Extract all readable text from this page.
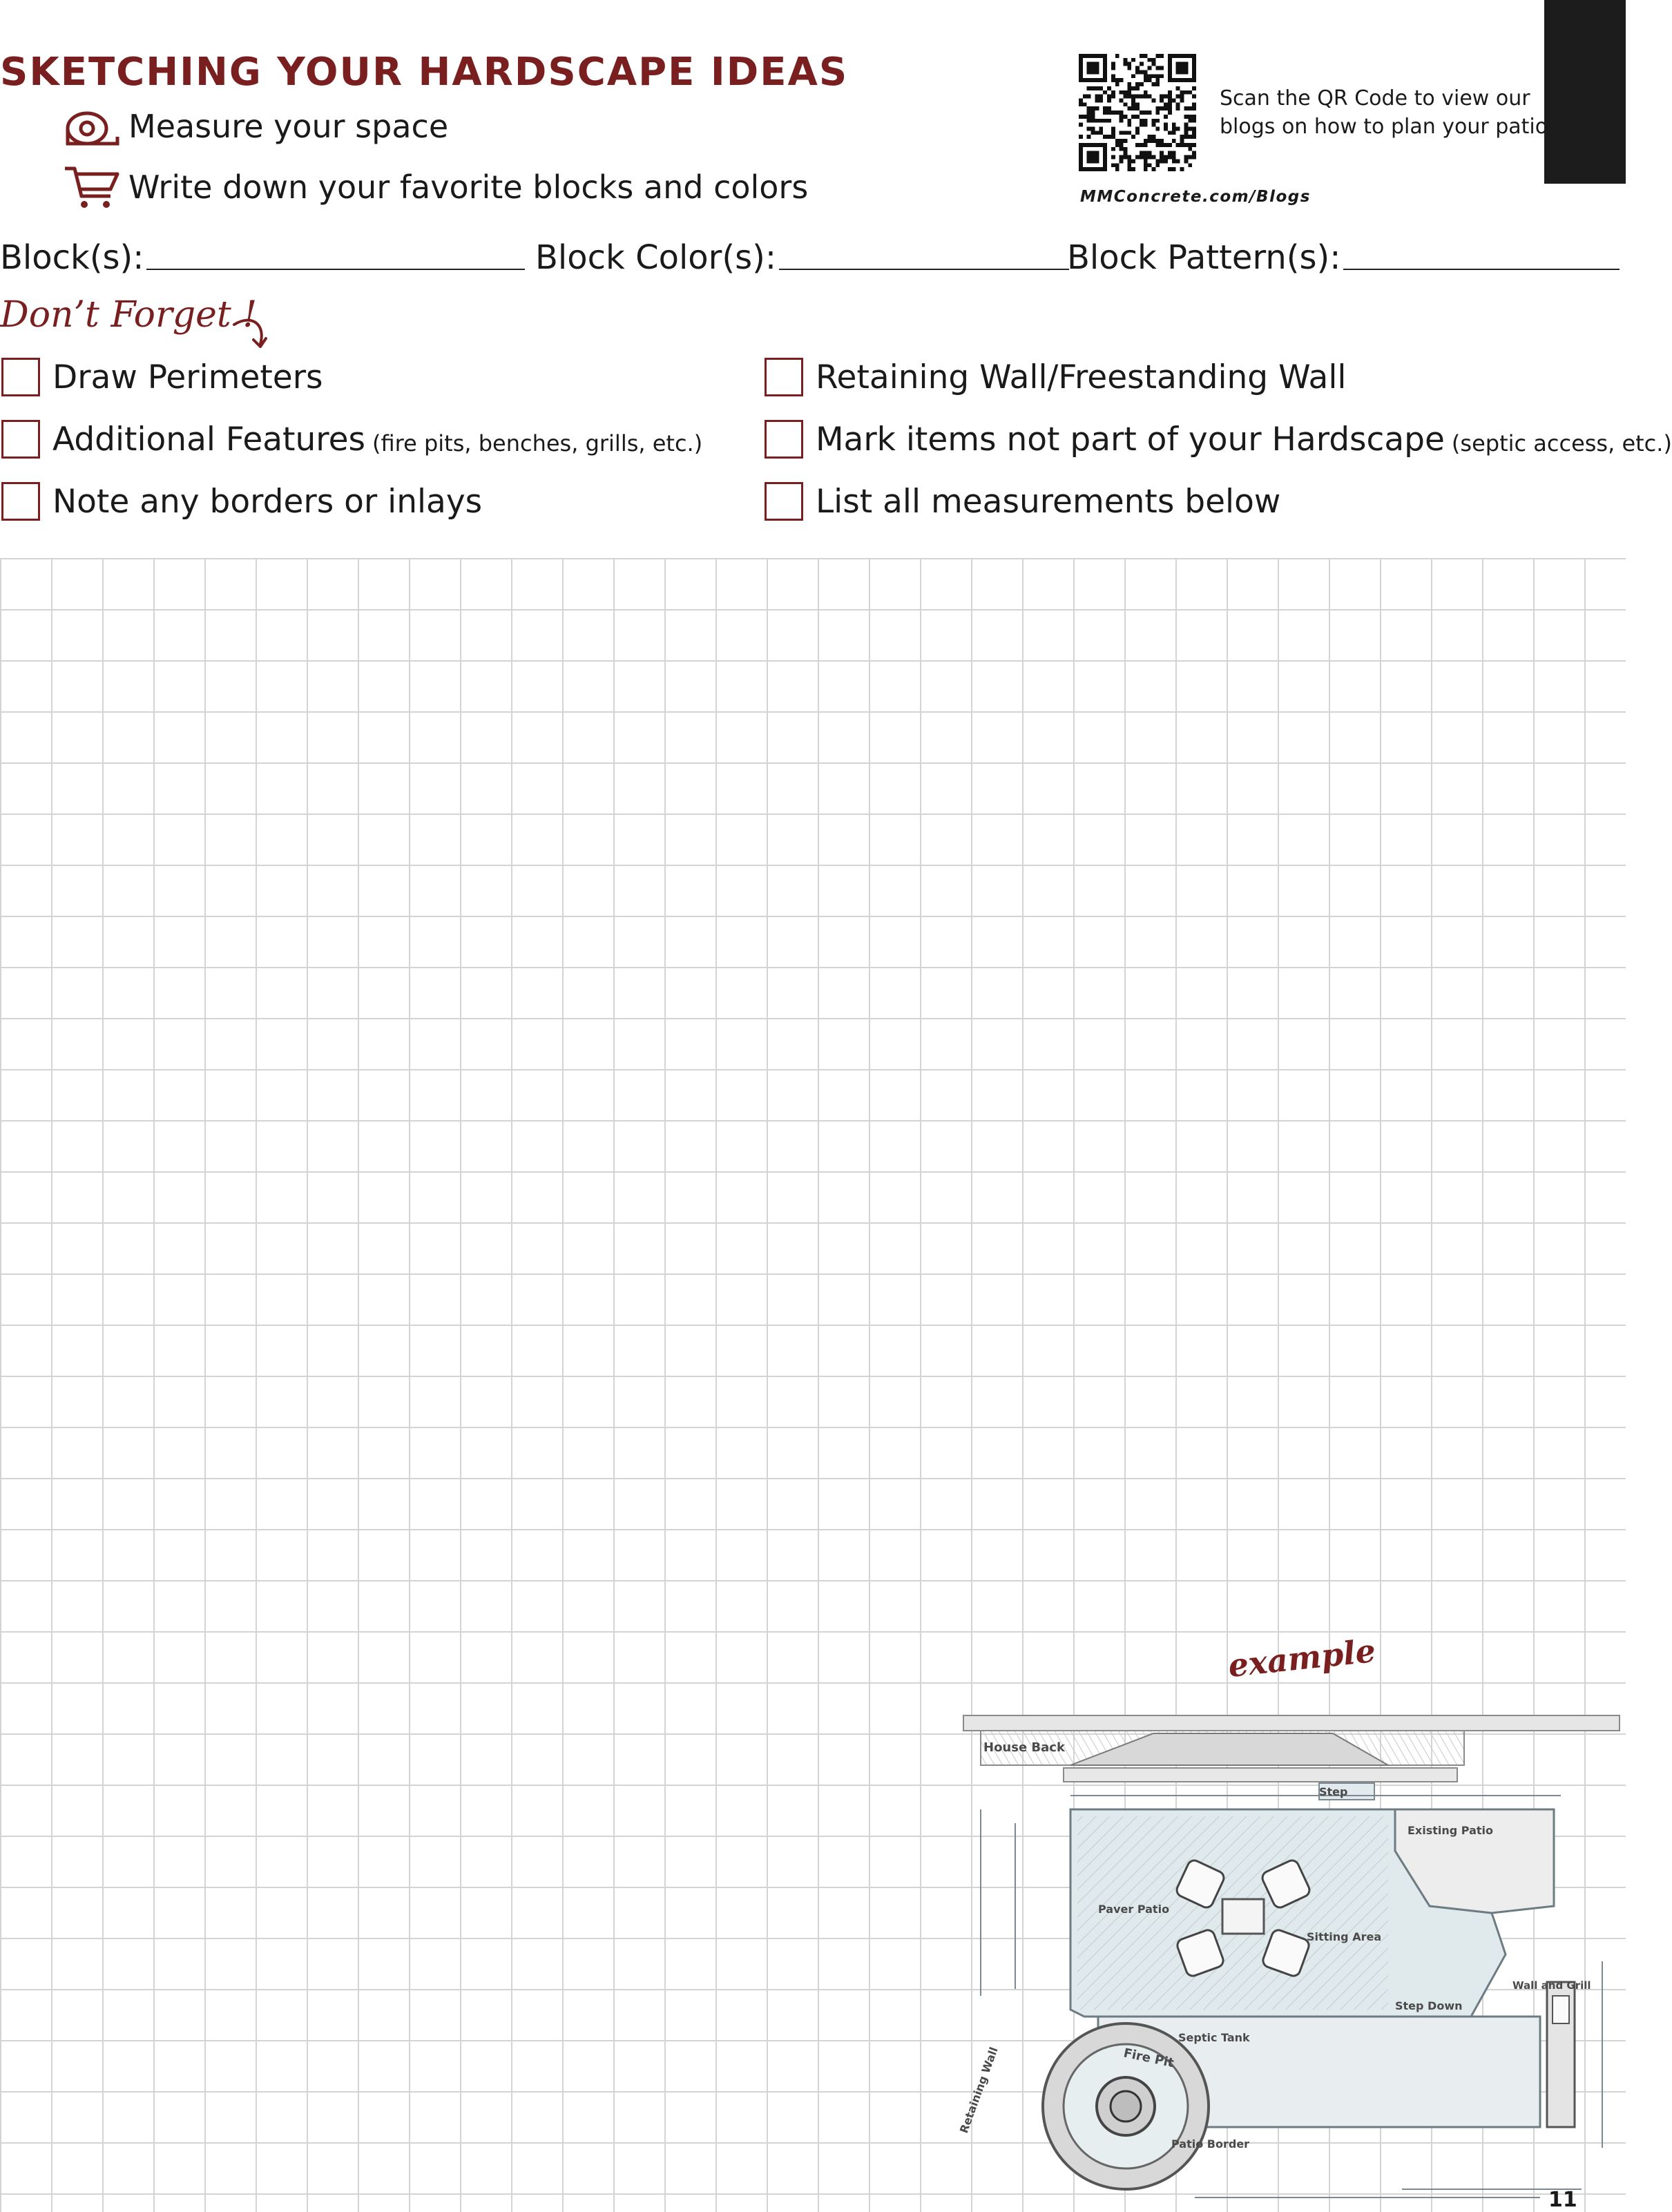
SKETCHING YOUR HARDSCAPE IDEAS
Measure your space
Write down your favorite blocks and colors
Scan the QR Code to view our blogs on how to plan your patio
MMConcrete.com/Blogs
Block(s):	Block Color(s):	Block Pattern(s):
Don’t Forget !
Draw Perimeters
Additional Features (fire pits, benches, grills, etc.)
Note any borders or inlays
Retaining Wall/Freestanding Wall
Mark items not part of your Hardscape (septic access, etc.)
List all measurements below
example
House Back
Step
Existing Patio
Paver Patio
Sitting Area
Step Down
Wall and Grill
Septic Tank
Fire Pit
Retaining Wall
Patio Border
11
